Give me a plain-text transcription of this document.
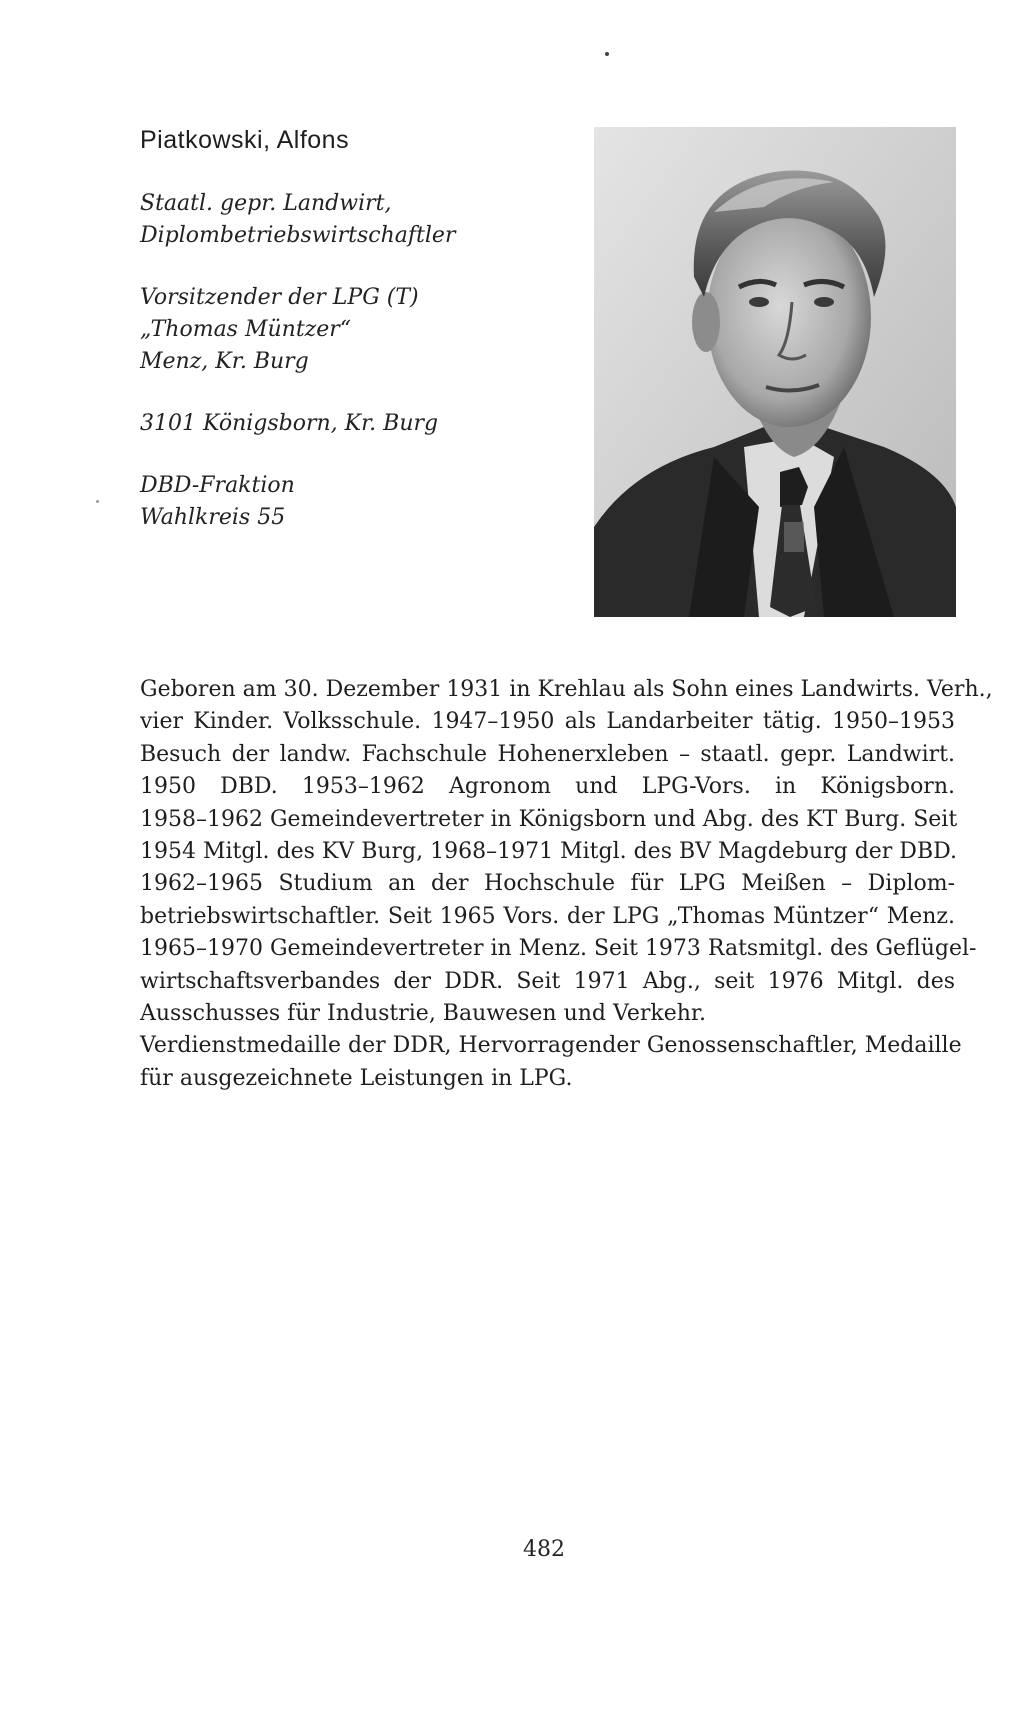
Piatkowski, Alfons
Staatl. gepr. Landwirt,
Diplombetriebswirtschaftler
Vorsitzender der LPG (T)
„Thomas Müntzer“
Menz, Kr. Burg
3101 Königsborn, Kr. Burg
DBD-Fraktion
Wahlkreis 55
Geboren am 30. Dezember 1931 in Krehlau als Sohn eines Landwirts. Verh.,
vier Kinder. Volksschule. 1947–1950 als Landarbeiter tätig. 1950–1953
Besuch der landw. Fachschule Hohenerxleben – staatl. gepr. Landwirt.
1950 DBD. 1953–1962 Agronom und LPG-Vors. in Königsborn.
1958–1962 Gemeindevertreter in Königsborn und Abg. des KT Burg. Seit
1954 Mitgl. des KV Burg, 1968–1971 Mitgl. des BV Magdeburg der DBD.
1962–1965 Studium an der Hochschule für LPG Meißen – Diplom-
betriebswirtschaftler. Seit 1965 Vors. der LPG „Thomas Müntzer“ Menz.
1965–1970 Gemeindevertreter in Menz. Seit 1973 Ratsmitgl. des Geflügel-
wirtschaftsverbandes der DDR. Seit 1971 Abg., seit 1976 Mitgl. des
Ausschusses für Industrie, Bauwesen und Verkehr.
Verdienstmedaille der DDR, Hervorragender Genossenschaftler, Medaille
für ausgezeichnete Leistungen in LPG.
482
